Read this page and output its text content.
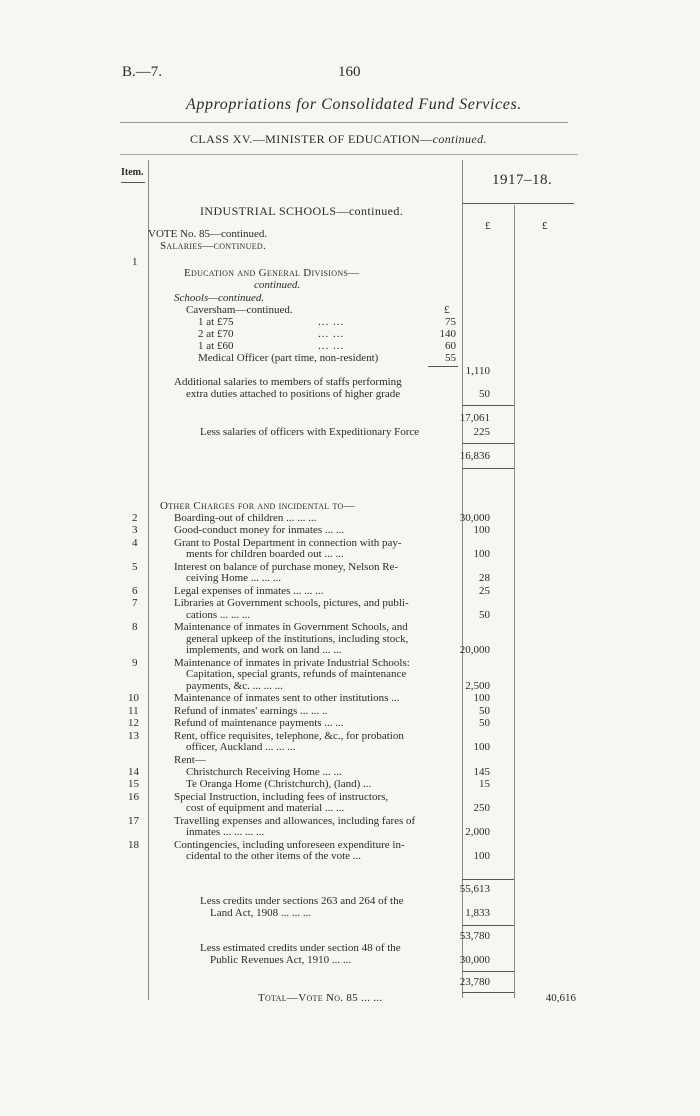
B.—7.	160
Appropriations for Consolidated Fund Services.
CLASS XV.—MINISTER OF EDUCATION—continued.
Item.	1917–18.
£	£
INDUSTRIAL SCHOOLS—continued.
VOTE No. 85—continued.
Salaries—continued.
1
Education and General Divisions—
continued.
Schools—continued.
Caversham—continued.	£
1 at £75	... ...	75
2 at £70	... ...	140
1 at £60	... ...	60
Medical Officer (part time, non-resident)	55
1,110
Additional salaries to members of staffs performing
extra duties attached to positions of higher grade	50
17,061
Less salaries of officers with Expeditionary Force	225
16,836
Other Charges for and incidental to—
2	Boarding-out of children ... ... ...	30,000
3	Good-conduct money for inmates ... ...	100
4	Grant to Postal Department in connection with pay-
ments for children boarded out ... ...	100
5	Interest on balance of purchase money, Nelson Re-
ceiving Home ... ... ...	28
6	Legal expenses of inmates ... ... ...	25
7	Libraries at Government schools, pictures, and publi-
cations ... ... ...	50
8	Maintenance of inmates in Government Schools, and
general upkeep of the institutions, including stock,
implements, and work on land ... ...	20,000
9	Maintenance of inmates in private Industrial Schools:
Capitation, special grants, refunds of maintenance
payments, &c. ... ... ...	2,500
10	Maintenance of inmates sent to other institutions ...	100
11	Refund of inmates' earnings ... ... ..	50
12	Refund of maintenance payments ... ...	50
13	Rent, office requisites, telephone, &c., for probation
officer, Auckland ... ... ...	100
Rent—
14	Christchurch Receiving Home ... ...	145
15	Te Oranga Home (Christchurch), (land) ...	15
16	Special Instruction, including fees of instructors,
cost of equipment and material ... ...	250
17	Travelling expenses and allowances, including fares of
inmates ... ... ... ...	2,000
18	Contingencies, including unforeseen expenditure in-
cidental to the other items of the vote ...	100
55,613
Less credits under sections 263 and 264 of the
Land Act, 1908 ... ... ...	1,833
53,780
Less estimated credits under section 48 of the
Public Revenues Act, 1910 ... ...	30,000
23,780
Total—Vote No. 85 ... ...	40,616
